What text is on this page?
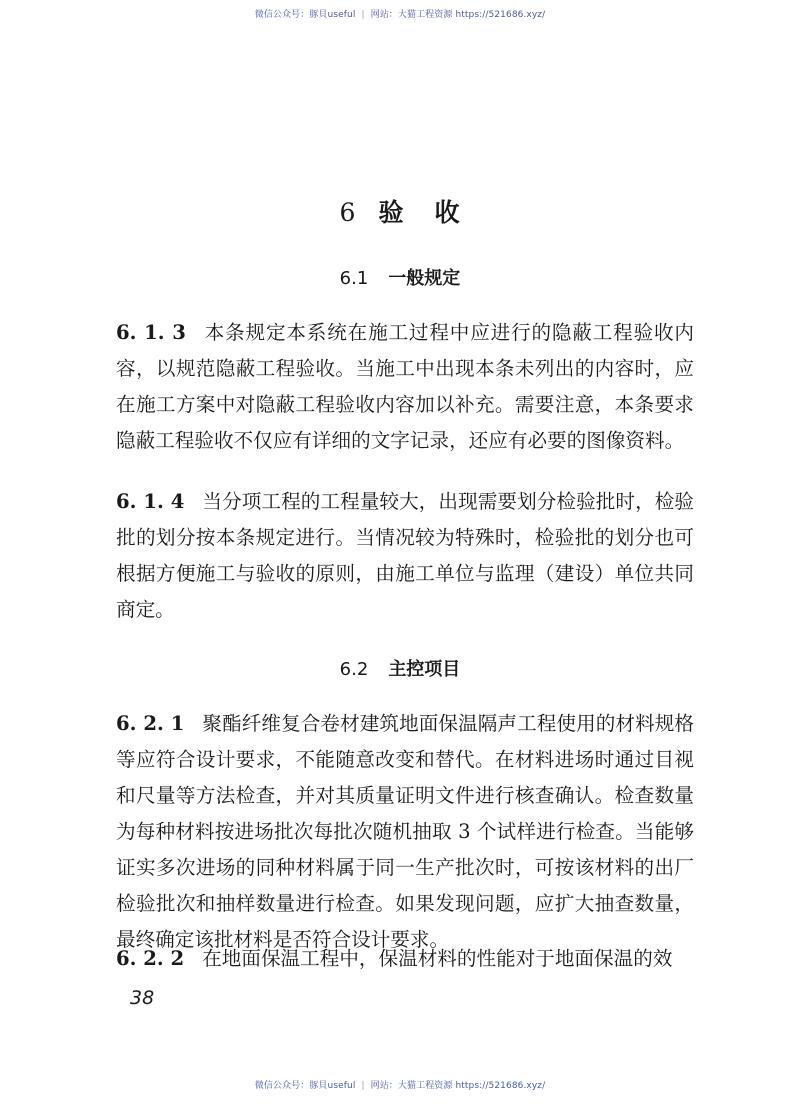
微信公众号：豚貝useful | 网站：大猫工程资源 https://521686.xyz/
6 验 收
6.1 一般规定
6. 1. 3 本条规定本系统在施工过程中应进行的隐蔽工程验收内容，以规范隐蔽工程验收。当施工中出现本条未列出的内容时，应在施工方案中对隐蔽工程验收内容加以补充。需要注意，本条要求隐蔽工程验收不仅应有详细的文字记录，还应有必要的图像资料。
6. 1. 4 当分项工程的工程量较大，出现需要划分检验批时，检验批的划分按本条规定进行。当情况较为特殊时，检验批的划分也可根据方便施工与验收的原则，由施工单位与监理（建设）单位共同商定。
6.2 主控项目
6. 2. 1 聚酯纤维复合卷材建筑地面保温隔声工程使用的材料规格等应符合设计要求，不能随意改变和替代。在材料进场时通过目视和尺量等方法检查，并对其质量证明文件进行核查确认。检查数量为每种材料按进场批次每批次随机抽取 3 个试样进行检查。当能够证实多次进场的同种材料属于同一生产批次时，可按该材料的出厂检验批次和抽样数量进行检查。如果发现问题，应扩大抽查数量，最终确定该批材料是否符合设计要求。
6. 2. 2 在地面保温工程中，保温材料的性能对于地面保温的效
38
微信公众号：豚貝useful | 网站：大猫工程资源 https://521686.xyz/
